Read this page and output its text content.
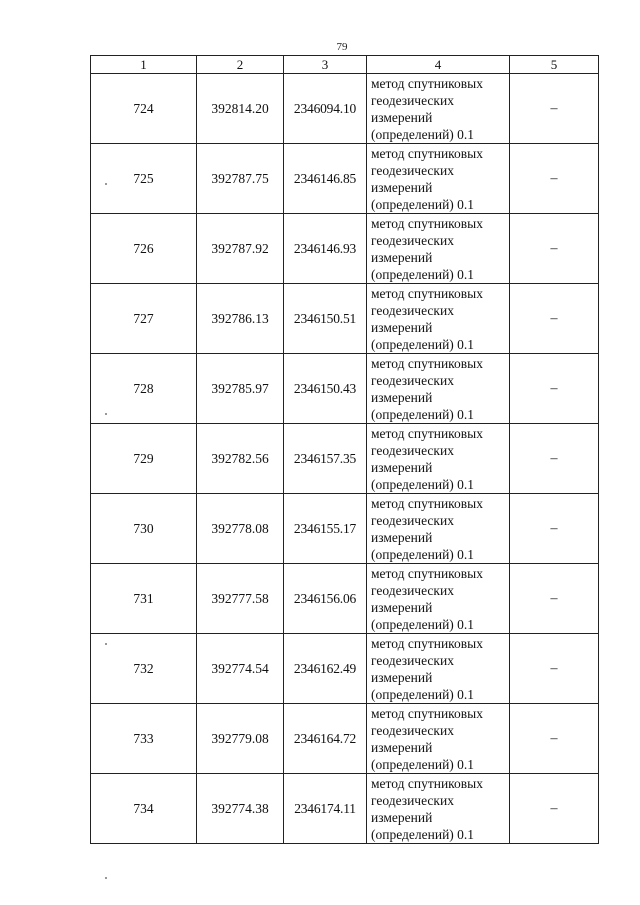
79
1	2	3	4	5
724	392814.20	2346094.10	метод спутниковых
геодезических
измерений
(определений) 0.1	–
725	392787.75	2346146.85	метод спутниковых
геодезических
измерений
(определений) 0.1	–
726	392787.92	2346146.93	метод спутниковых
геодезических
измерений
(определений) 0.1	–
727	392786.13	2346150.51	метод спутниковых
геодезических
измерений
(определений) 0.1	–
728	392785.97	2346150.43	метод спутниковых
геодезических
измерений
(определений) 0.1	–
729	392782.56	2346157.35	метод спутниковых
геодезических
измерений
(определений) 0.1	–
730	392778.08	2346155.17	метод спутниковых
геодезических
измерений
(определений) 0.1	–
731	392777.58	2346156.06	метод спутниковых
геодезических
измерений
(определений) 0.1	–
732	392774.54	2346162.49	метод спутниковых
геодезических
измерений
(определений) 0.1	–
733	392779.08	2346164.72	метод спутниковых
геодезических
измерений
(определений) 0.1	–
734	392774.38	2346174.11	метод спутниковых
геодезических
измерений
(определений) 0.1	–
